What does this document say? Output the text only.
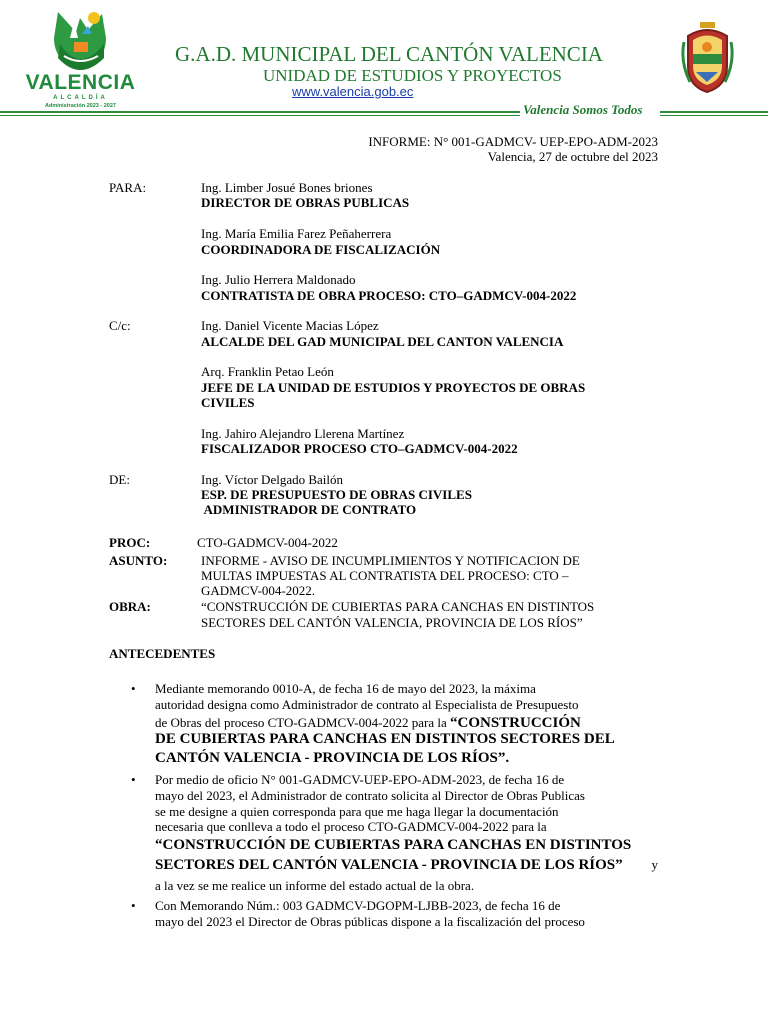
VALENCIA
ALCALDÍA
Administración 2023 - 2027
G.A.D. MUNICIPAL DEL CANTÓN VALENCIA
UNIDAD DE ESTUDIOS Y PROYECTOS
www.valencia.gob.ec
Valencia Somos Todos
INFORME: N° 001-GADMCV- UEP-EPO-ADM-2023
Valencia, 27 de octubre del 2023
PARA:	Ing. Limber Josué Bones briones
DIRECTOR DE OBRAS PUBLICAS
Ing. María Emilia Farez Peñaherrera
COORDINADORA DE FISCALIZACIÓN
Ing. Julio Herrera Maldonado
CONTRATISTA DE OBRA PROCESO: CTO–GADMCV-004-2022
C/c:	Ing. Daniel Vicente Macias López
ALCALDE DEL GAD MUNICIPAL DEL CANTON VALENCIA
Arq. Franklin Petao León
JEFE DE LA UNIDAD DE ESTUDIOS Y PROYECTOS DE OBRAS
CIVILES
Ing. Jahiro Alejandro Llerena Martínez
FISCALIZADOR PROCESO CTO–GADMCV-004-2022
DE:	Ing. Víctor Delgado Bailón
ESP. DE PRESUPUESTO DE OBRAS CIVILES
ADMINISTRADOR DE CONTRATO
PROC:	CTO-GADMCV-004-2022
ASUNTO:	INFORME - AVISO DE INCUMPLIMIENTOS Y NOTIFICACION DE
MULTAS IMPUESTAS AL CONTRATISTA DEL PROCESO: CTO –
GADMCV-004-2022.
OBRA:	“CONSTRUCCIÓN DE CUBIERTAS PARA CANCHAS EN DISTINTOS
SECTORES DEL CANTÓN VALENCIA, PROVINCIA DE LOS RÍOS”
ANTECEDENTES
• Mediante memorando 0010-A, de fecha 16 de mayo del 2023, la máxima
autoridad designa como Administrador de contrato al Especialista de Presupuesto
de Obras del proceso CTO-GADMCV-004-2022 para la “CONSTRUCCIÓN
DE CUBIERTAS PARA CANCHAS EN DISTINTOS SECTORES DEL
CANTÓN VALENCIA - PROVINCIA DE LOS RÍOS”.
• Por medio de oficio N° 001-GADMCV-UEP-EPO-ADM-2023, de fecha 16 de
mayo del 2023, el Administrador de contrato solicita al Director de Obras Publicas
se me designe a quien corresponda para que me haga llegar la documentación
necesaria que conlleva a todo el proceso CTO-GADMCV-004-2022 para la
“CONSTRUCCIÓN DE CUBIERTAS PARA CANCHAS EN DISTINTOS
SECTORES DEL CANTÓN VALENCIA - PROVINCIA DE LOS RÍOS” y
a la vez se me realice un informe del estado actual de la obra.
• Con Memorando Núm.: 003 GADMCV-DGOPM-LJBB-2023, de fecha 16 de
mayo del 2023 el Director de Obras públicas dispone a la fiscalización del proceso
